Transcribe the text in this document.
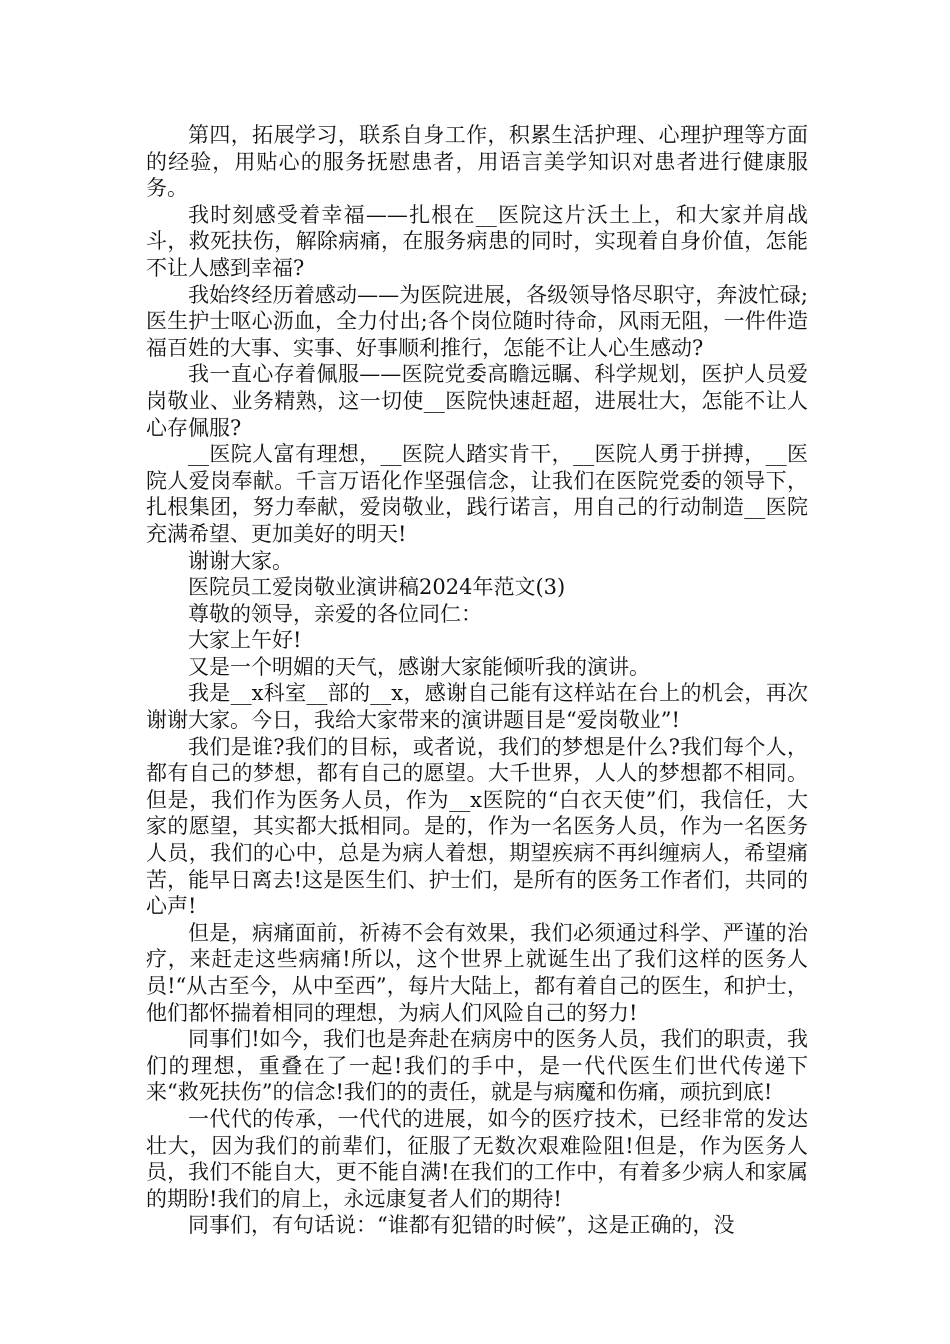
第四，拓展学习，联系自身工作，积累生活护理、心理护理等方面的经验，用贴心的服务抚慰患者，用语言美学知识对患者进行健康服务。

我时刻感受着幸福——扎根在__医院这片沃土上，和大家并肩战斗，救死扶伤，解除病痛，在服务病患的同时，实现着自身价值，怎能不让人感到幸福?

我始终经历着感动——为医院进展，各级领导恪尽职守，奔波忙碌;医生护士呕心沥血，全力付出;各个岗位随时待命，风雨无阻，一件件造福百姓的大事、实事、好事顺利推行，怎能不让人心生感动?

我一直心存着佩服——医院党委高瞻远瞩、科学规划，医护人员爱岗敬业、业务精熟，这一切使__医院快速赶超，进展壮大，怎能不让人心存佩服?

__医院人富有理想，__医院人踏实肯干，__医院人勇于拼搏，__医院人爱岗奉献。千言万语化作坚强信念，让我们在医院党委的领导下，扎根集团，努力奉献，爱岗敬业，践行诺言，用自己的行动制造__医院充满希望、更加美好的明天!

谢谢大家。

医院员工爱岗敬业演讲稿2024年范文(3)

尊敬的领导，亲爱的各位同仁：

大家上午好!

又是一个明媚的天气，感谢大家能倾听我的演讲。

我是__x科室__部的__x，感谢自己能有这样站在台上的机会，再次谢谢大家。今日，我给大家带来的演讲题目是“爱岗敬业”!

我们是谁?我们的目标，或者说，我们的梦想是什么?我们每个人，都有自己的梦想，都有自己的愿望。大千世界，人人的梦想都不相同。但是，我们作为医务人员，作为__x医院的“白衣天使”们，我信任，大家的愿望，其实都大抵相同。是的，作为一名医务人员，作为一名医务人员，我们的心中，总是为病人着想，期望疾病不再纠缠病人，希望痛苦，能早日离去!这是医生们、护士们，是所有的医务工作者们，共同的心声!

但是，病痛面前，祈祷不会有效果，我们必须通过科学、严谨的治疗，来赶走这些病痛!所以，这个世界上就诞生出了我们这样的医务人员!“从古至今，从中至西”，每片大陆上，都有着自己的医生，和护士，他们都怀揣着相同的理想，为病人们风险自己的努力!

同事们!如今，我们也是奔赴在病房中的医务人员，我们的职责，我们的理想，重叠在了一起!我们的手中，是一代代医生们世代传递下来“救死扶伤”的信念!我们的的责任，就是与病魔和伤痛，顽抗到底!

一代代的传承，一代代的进展，如今的医疗技术，已经非常的发达壮大，因为我们的前辈们，征服了无数次艰难险阻!但是，作为医务人员，我们不能自大，更不能自满!在我们的工作中，有着多少病人和家属的期盼!我们的肩上，永远康复者人们的期待!

同事们，有句话说：“谁都有犯错的时候”，这是正确的，没
